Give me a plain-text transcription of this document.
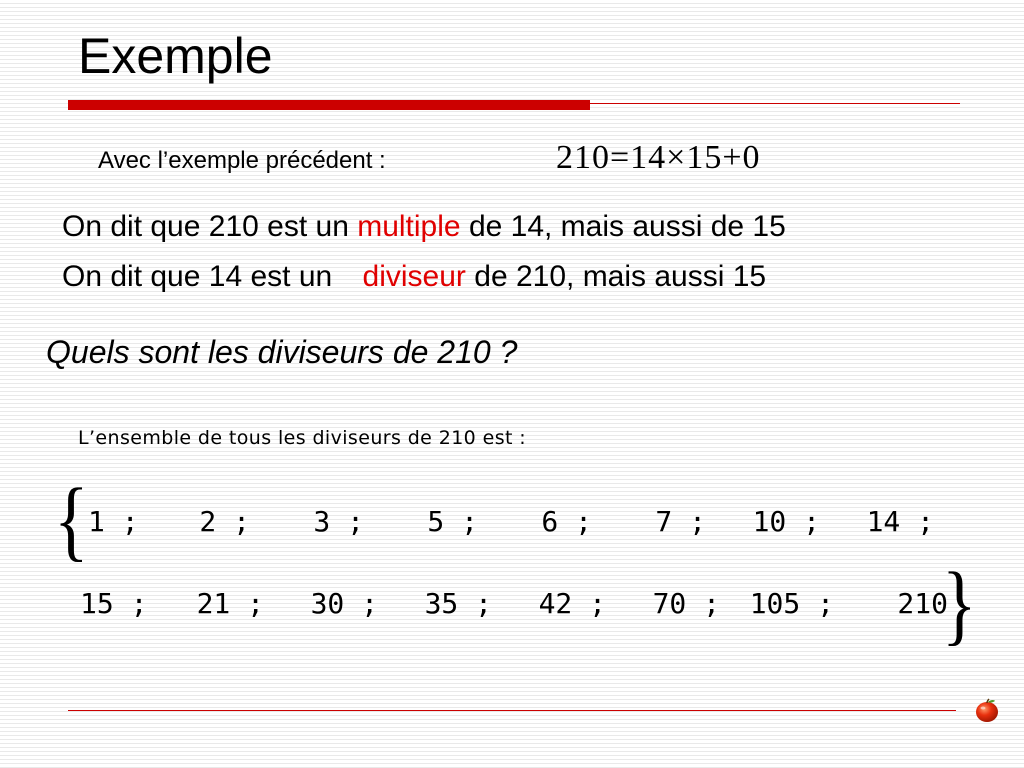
Exemple
Avec l’exemple précédent :	210=14×15+0
On dit que 210 est un multiple de 14, mais aussi de 15
On dit que 14 est un diviseur de 210, mais aussi 15
Quels sont les diviseurs de 210 ?
L’ensemble de tous les diviseurs de 210 est :
{ 1 ; 2 ; 3 ; 5 ; 6 ; 7 ; 10 ; 14 ;
15 ; 21 ; 30 ; 35 ; 42 ; 70 ; 105 ; 210
}
